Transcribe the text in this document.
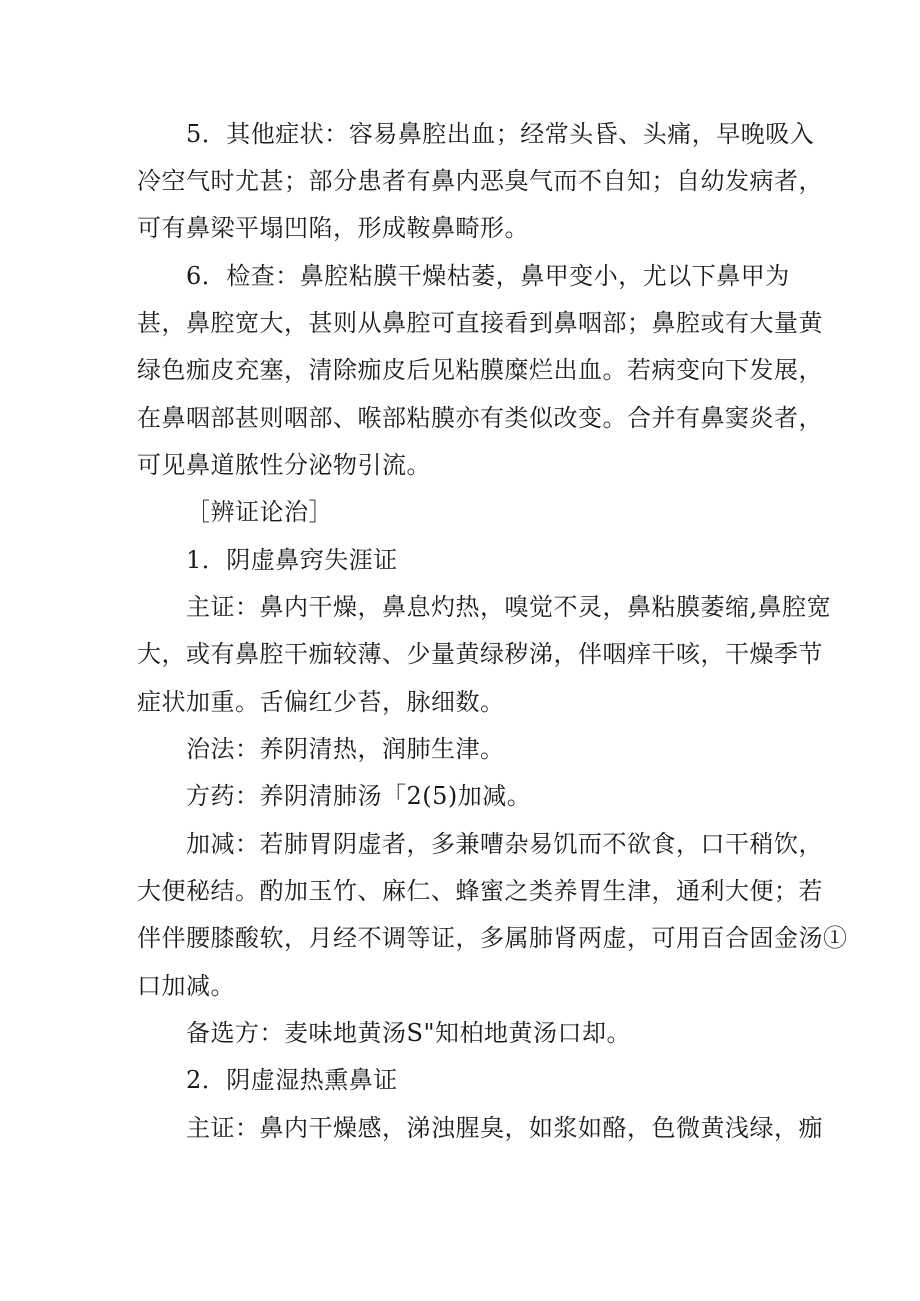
5．其他症状：容易鼻腔出血；经常头昏、头痛，早晚吸入
冷空气时尤甚；部分患者有鼻内恶臭气而不自知；自幼发病者，
可有鼻梁平塌凹陷，形成鞍鼻畸形。
6．检查：鼻腔粘膜干燥枯萎，鼻甲变小，尤以下鼻甲为
甚，鼻腔宽大，甚则从鼻腔可直接看到鼻咽部；鼻腔或有大量黄
绿色痂皮充塞，清除痂皮后见粘膜糜烂出血。若病变向下发展，
在鼻咽部甚则咽部、喉部粘膜亦有类似改变。合并有鼻窦炎者，
可见鼻道脓性分泌物引流。
［辨证论治］
1．阴虚鼻窍失涯证
主证：鼻内干燥，鼻息灼热，嗅觉不灵，鼻粘膜萎缩,鼻腔宽
大，或有鼻腔干痂较薄、少量黄绿秽涕，伴咽痒干咳，干燥季节
症状加重。舌偏红少苔，脉细数。
治法：养阴清热，润肺生津。
方药：养阴清肺汤「2(5)加减。
加减：若肺胃阴虚者，多兼嘈杂易饥而不欲食，口干稍饮，
大便秘结。酌加玉竹、麻仁、蜂蜜之类养胃生津，通利大便；若
伴伴腰膝酸软，月经不调等证，多属肺肾两虚，可用百合固金汤①
口加减。
备选方：麦味地黄汤S"知柏地黄汤口却。
2．阴虚湿热熏鼻证
主证：鼻内干燥感，涕浊腥臭，如浆如酪，色微黄浅绿，痂
